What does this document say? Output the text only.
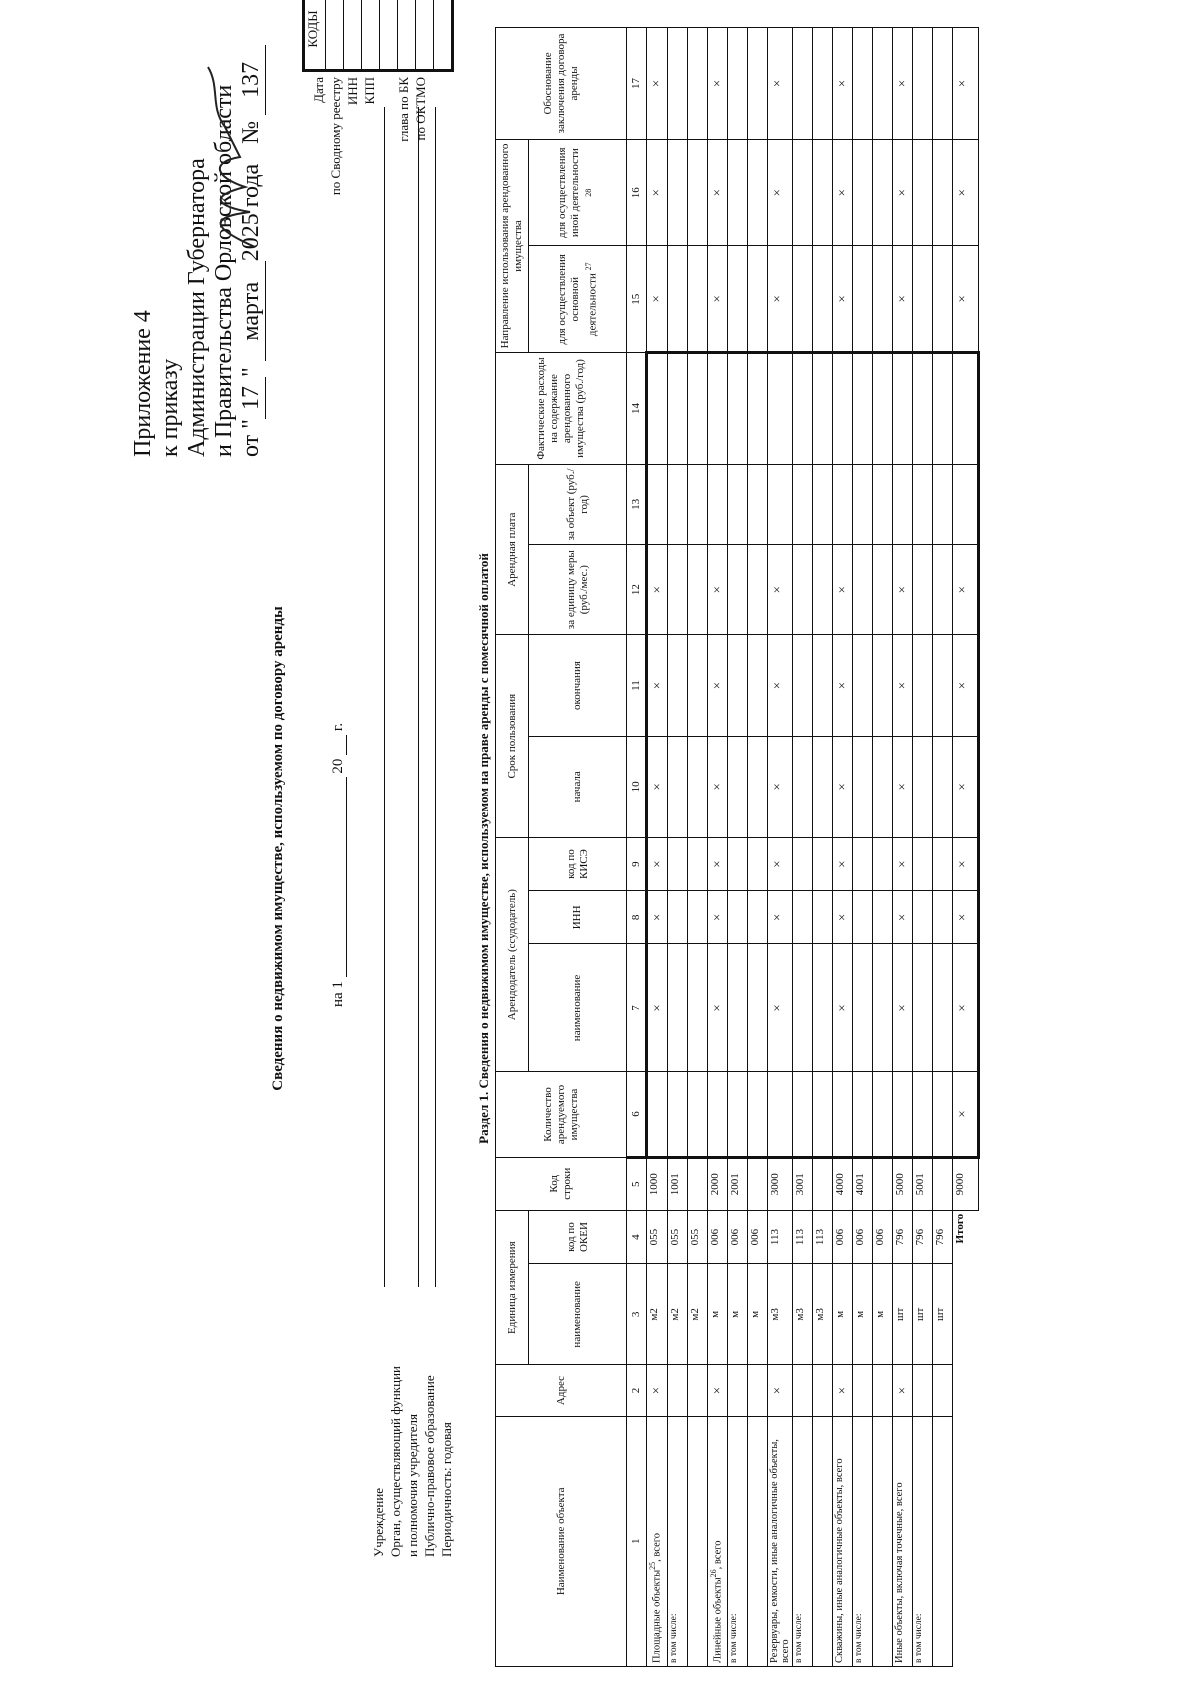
Приложение 4 к приказу Администрации Губернатора и Правительства Орловской области от "17" марта2025 года № 137
Сведения о недвижимом имуществе, используемом по договору аренды	на 1  20  г.
Учреждение Орган, осуществляющий функции и полномочия учредителя Публично-правовое образование Периодичность: годовая
Дата по Сводному реестру ИНН КПП глава по БК по ОКТМО
КОДЫ
Раздел 1. Сведения о недвижимом имуществе, используемом на праве аренды с помесячной оплатой
Наименование объекта	Адрес	Единица измерения		Код строки	Количество арендуемого имущества	Арендодатель (ссудодатель)			Срок пользования		Арендная плата		Фактические расходы на содержание арендованного имущества (руб./год)	Направление использования арендованного имущества		Обоснование заключения договора аренды
		наименование	код по ОКЕИ			наименование	ИНН	код по КИСЭ	начала	окончания	за единицу меры (руб./мес.)	за объект (руб./год)		для осуществления основной деятельности $^{27}$	для осуществления иной деятельности $^{28}$
1	2	3	4	5	6	7	8	9	10	11	12	13	14	15	16	17
Площадные объекты$^{25}$, всего	×	м2	055	1000		×	×	×	×	×	×			×	×	×
в том числе:		м2	055	1001												
		м2	055													
Линейные объекты$^{26}$, всего	×	м	006	2000		×	×	×	×	×	×			×	×	×
в том числе:		м	006	2001												
		м	006													
Резервуары, емкости, иные аналогичные объекты, всего	×	м3	113	3000		×	×	×	×	×	×			×	×	×
в том числе:		м3	113	3001												
		м3	113													
Скважины, иные аналогичные объекты, всего	×	м	006	4000		×	×	×	×	×	×			×	×	×
в том числе:		м	006	4001												
		м	006													
Иные объекты, включая точечные, всего	×	шт	796	5000		×	×	×	×	×	×			×	×	×
в том числе:		шт	796	5001												
		шт	796													
Итого				9000	×	×	×	×	×	×	×			×	×	×
